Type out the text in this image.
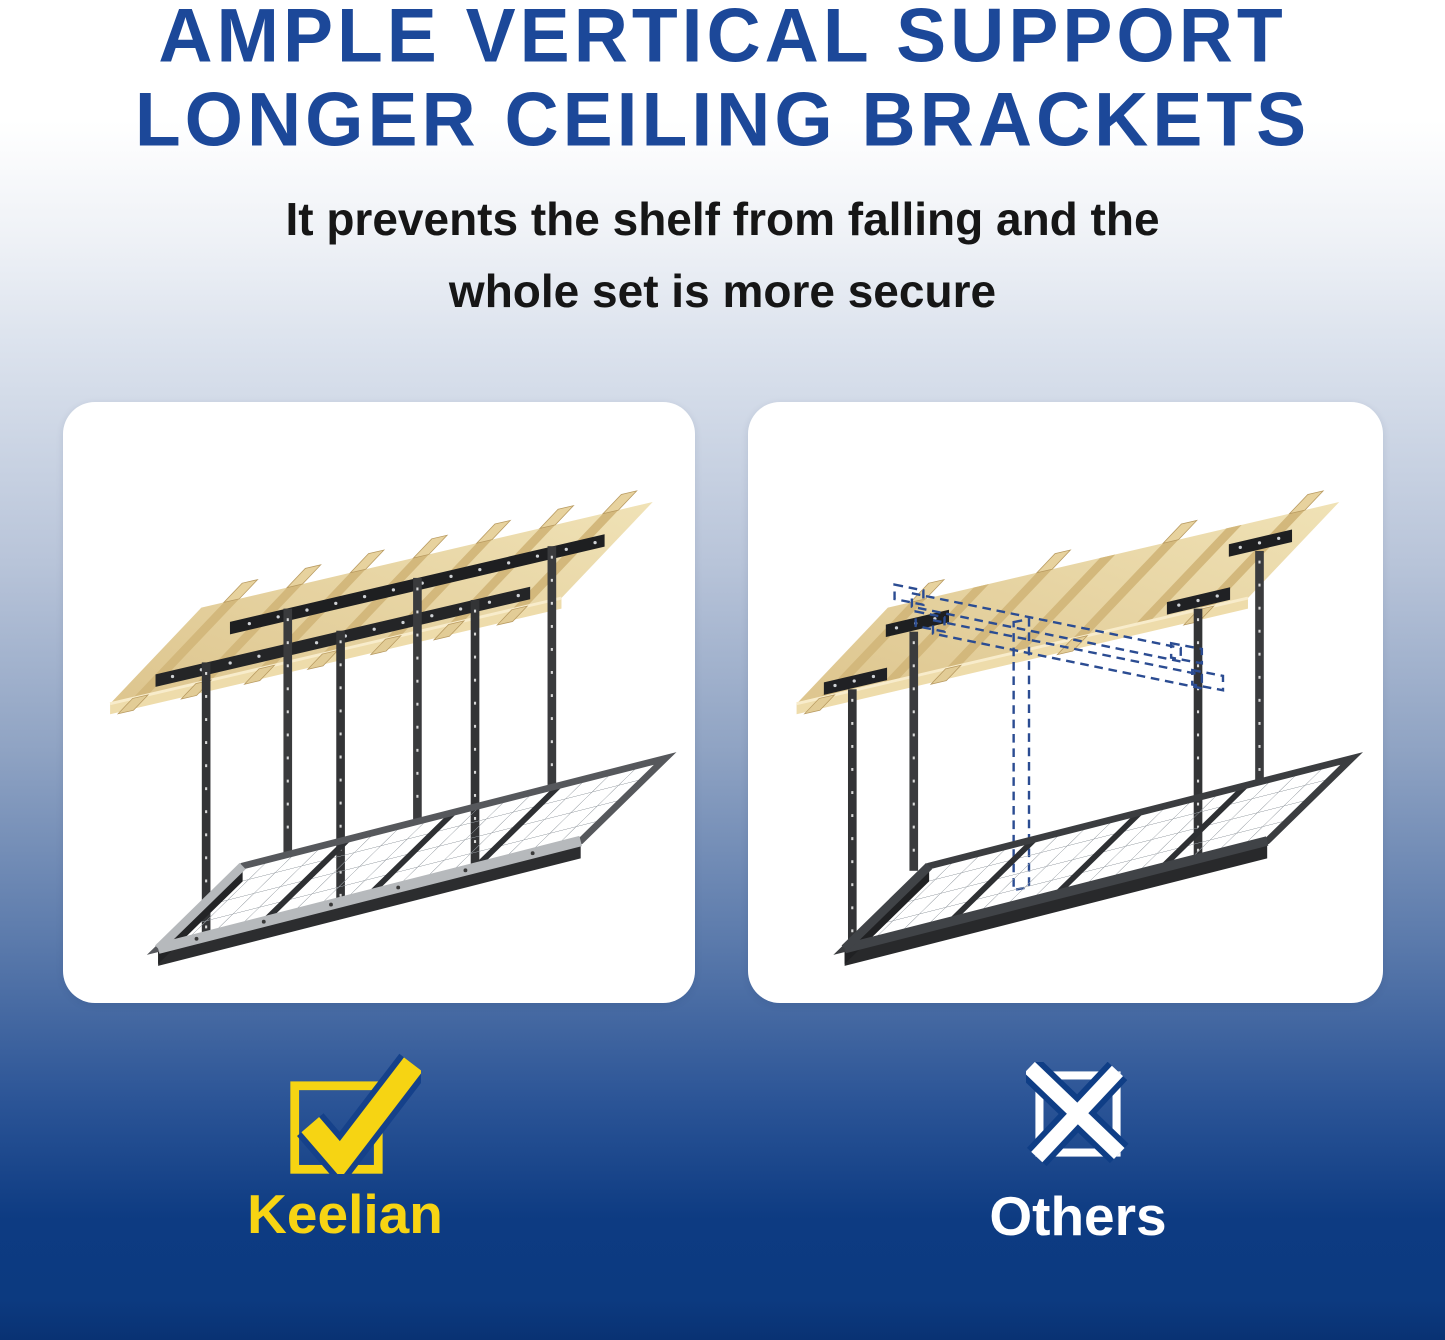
AMPLE VERTICAL SUPPORT
LONGER CEILING BRACKETS
It prevents the shelf from falling and the
whole set is more secure
Keelian	Others
